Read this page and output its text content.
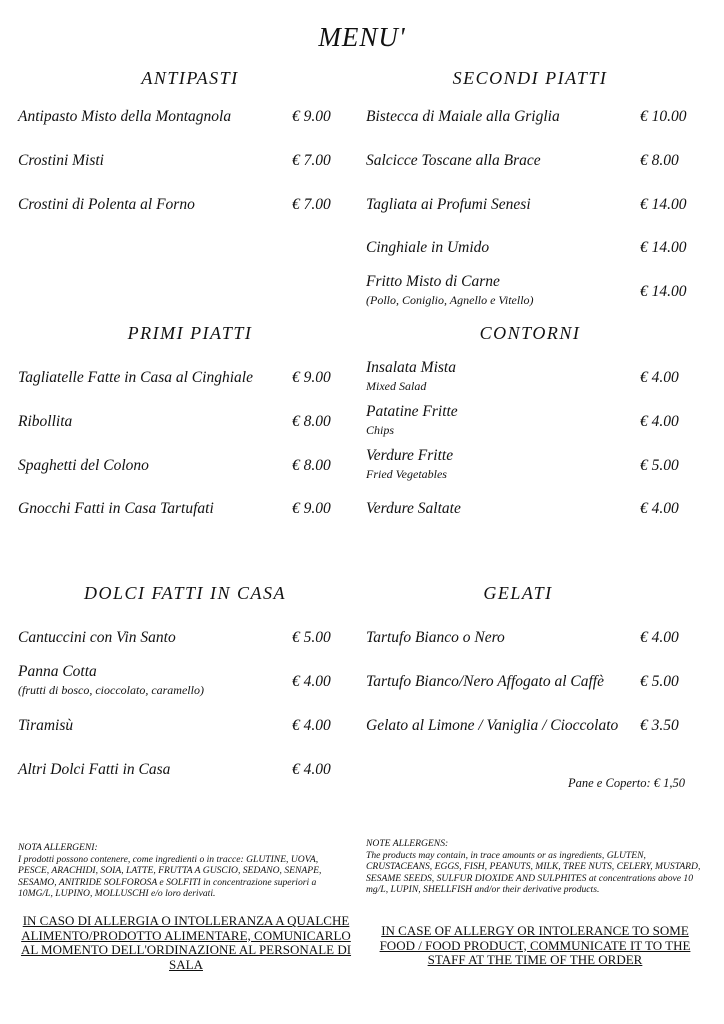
MENU'
ANTIPASTI	SECONDI PIATTI
PRIMI PIATTI	CONTORNI
DOLCI FATTI IN CASA	GELATI
Antipasto Misto della Montagnola	€ 9.00
Crostini Misti	€ 7.00
Crostini di Polenta al Forno	€ 7.00
Bistecca di Maiale alla Griglia	€ 10.00
Salcicce Toscane alla Brace	€ 8.00
Tagliata ai Profumi Senesi	€ 14.00
Cinghiale in Umido	€ 14.00
Fritto Misto di Carne
(Pollo, Coniglio, Agnello e Vitello)	€ 14.00
Tagliatelle Fatte in Casa al Cinghiale	€ 9.00
Ribollita	€ 8.00
Spaghetti del Colono	€ 8.00
Gnocchi Fatti in Casa Tartufati	€ 9.00
Insalata Mista
Mixed Salad	€ 4.00
Patatine Fritte
Chips	€ 4.00
Verdure Fritte
Fried Vegetables	€ 5.00
Verdure Saltate	€ 4.00
Cantuccini con Vin Santo	€ 5.00
Panna Cotta
(frutti di bosco, cioccolato, caramello)	€ 4.00
Tiramisù	€ 4.00
Altri Dolci Fatti in Casa	€ 4.00
Tartufo Bianco o Nero	€ 4.00
Tartufo Bianco/Nero Affogato al Caffè € 5.00
Gelato al Limone / Vaniglia / Cioccolato € 3.50
Pane e Coperto: € 1,50
NOTA ALLERGENI:
I prodotti possono contenere, come ingredienti o in tracce: GLUTINE, UOVA, PESCE, ARACHIDI, SOIA, LATTE, FRUTTA A GUSCIO, SEDANO, SENAPE, SESAMO, ANITRIDE SOLFOROSA e SOLFITI in concentrazione superiori a 10MG/L, LUPINO, MOLLUSCHI e/o loro derivati.
IN CASO DI ALLERGIA O INTOLLERANZA A QUALCHE ALIMENTO/PRODOTTO ALIMENTARE, COMUNICARLO AL MOMENTO DELL'ORDINAZIONE AL PERSONALE DI SALA
NOTE ALLERGENS:
The products may contain, in trace amounts or as ingredients, GLUTEN, CRUSTACEANS, EGGS, FISH, PEANUTS, MILK, TREE NUTS, CELERY, MUSTARD, SESAME SEEDS, SULFUR DIOXIDE AND SULPHITES at concentrations above 10 mg/L, LUPIN, SHELLFISH and/or their derivative products.
IN CASE OF ALLERGY OR INTOLERANCE TO SOME FOOD / FOOD PRODUCT, COMMUNICATE IT TO THE STAFF AT THE TIME OF THE ORDER
